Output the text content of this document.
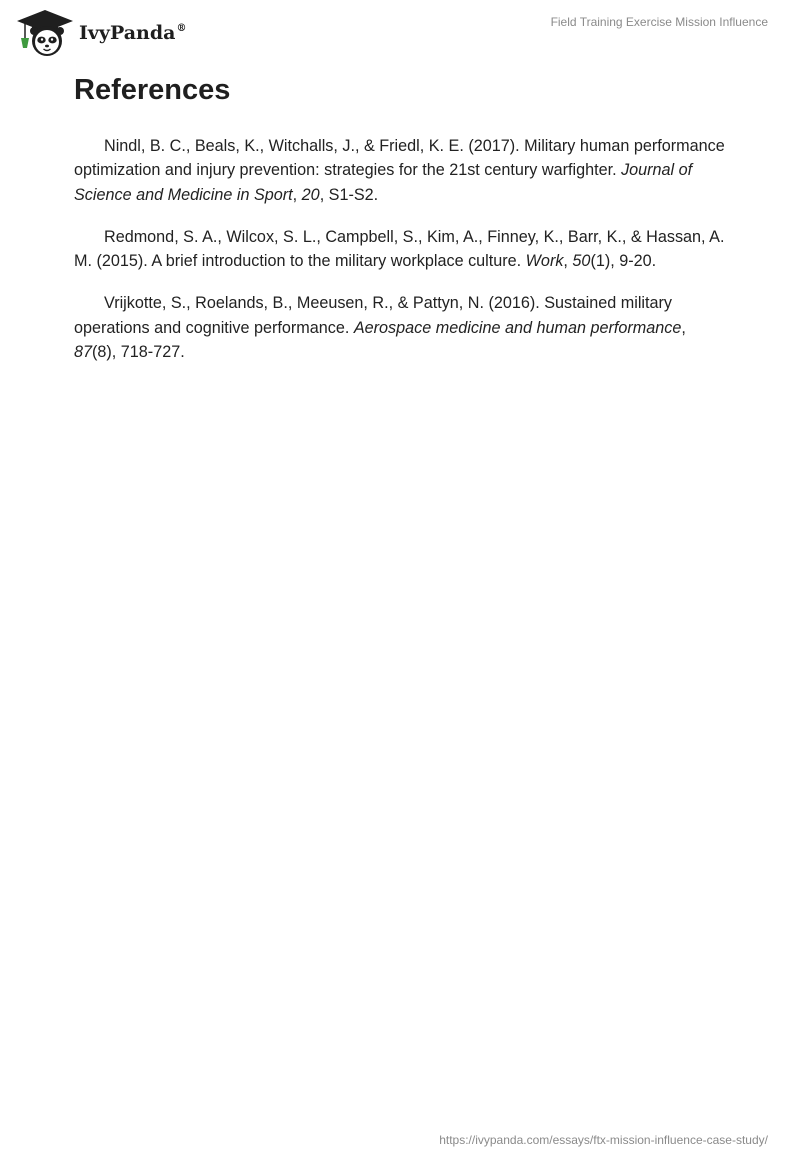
IvyPanda®	Field Training Exercise Mission Influence
References

Nindl, B. C., Beals, K., Witchalls, J., & Friedl, K. E. (2017). Military human performance optimization and injury prevention: strategies for the 21st century warfighter. Journal of Science and Medicine in Sport, 20, S1-S2.

Redmond, S. A., Wilcox, S. L., Campbell, S., Kim, A., Finney, K., Barr, K., & Hassan, A. M. (2015). A brief introduction to the military workplace culture. Work, 50(1), 9-20.

Vrijkotte, S., Roelands, B., Meeusen, R., & Pattyn, N. (2016). Sustained military operations and cognitive performance. Aerospace medicine and human performance, 87(8), 718-727.

https://ivypanda.com/essays/ftx-mission-influence-case-study/
